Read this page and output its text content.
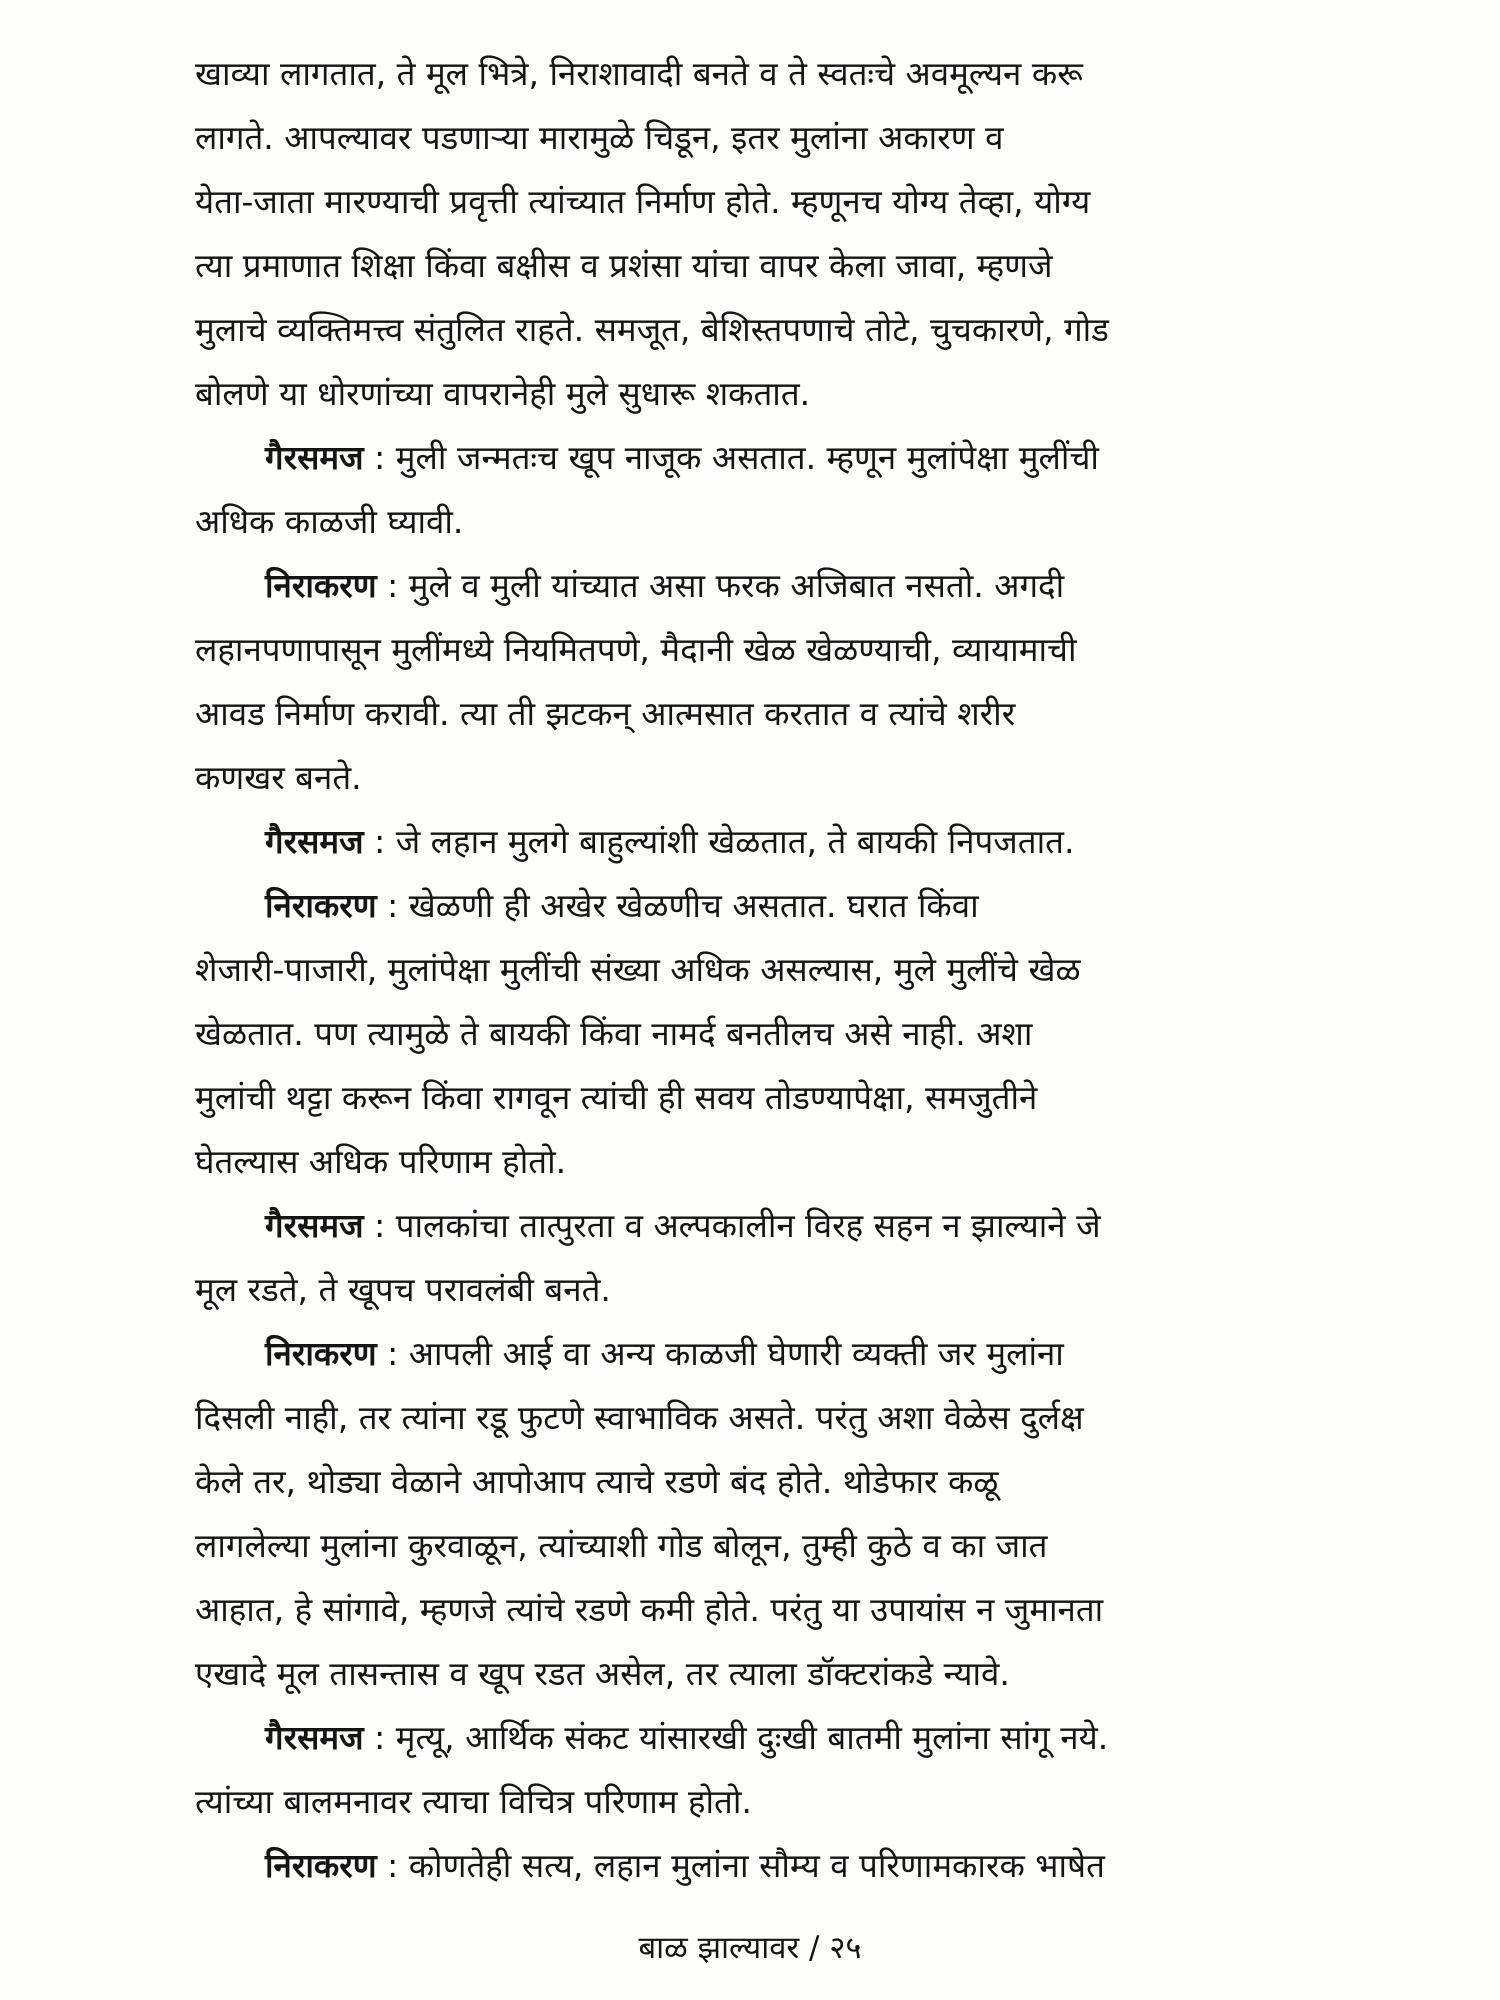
खाव्या लागतात, ते मूल भित्रे, निराशावादी बनते व ते स्वतःचे अवमूल्यन करू
लागते. आपल्यावर पडणाऱ्या मारामुळे चिडून, इतर मुलांना अकारण व
येता-जाता मारण्याची प्रवृत्ती त्यांच्यात निर्माण होते. म्हणूनच योग्य तेव्हा, योग्य
त्या प्रमाणात शिक्षा किंवा बक्षीस व प्रशंसा यांचा वापर केला जावा, म्हणजे
मुलाचे व्यक्तिमत्त्व संतुलित राहते. समजूत, बेशिस्तपणाचे तोटे, चुचकारणे, गोड
बोलणे या धोरणांच्या वापरानेही मुले सुधारू शकतात.
गैरसमज : मुली जन्मतःच खूप नाजूक असतात. म्हणून मुलांपेक्षा मुलींची
अधिक काळजी घ्यावी.
निराकरण : मुले व मुली यांच्यात असा फरक अजिबात नसतो. अगदी
लहानपणापासून मुलींमध्ये नियमितपणे, मैदानी खेळ खेळण्याची, व्यायामाची
आवड निर्माण करावी. त्या ती झटकन् आत्मसात करतात व त्यांचे शरीर
कणखर बनते.
गैरसमज : जे लहान मुलगे बाहुल्यांशी खेळतात, ते बायकी निपजतात.
निराकरण : खेळणी ही अखेर खेळणीच असतात. घरात किंवा
शेजारी-पाजारी, मुलांपेक्षा मुलींची संख्या अधिक असल्यास, मुले मुलींचे खेळ
खेळतात. पण त्यामुळे ते बायकी किंवा नामर्द बनतीलच असे नाही. अशा
मुलांची थट्टा करून किंवा रागवून त्यांची ही सवय तोडण्यापेक्षा, समजुतीने
घेतल्यास अधिक परिणाम होतो.
गैरसमज : पालकांचा तात्पुरता व अल्पकालीन विरह सहन न झाल्याने जे
मूल रडते, ते खूपच परावलंबी बनते.
निराकरण : आपली आई वा अन्य काळजी घेणारी व्यक्ती जर मुलांना
दिसली नाही, तर त्यांना रडू फुटणे स्वाभाविक असते. परंतु अशा वेळेस दुर्लक्ष
केले तर, थोड्या वेळाने आपोआप त्याचे रडणे बंद होते. थोडेफार कळू
लागलेल्या मुलांना कुरवाळून, त्यांच्याशी गोड बोलून, तुम्ही कुठे व का जात
आहात, हे सांगावे, म्हणजे त्यांचे रडणे कमी होते. परंतु या उपायांस न जुमानता
एखादे मूल तासन्तास व खूप रडत असेल, तर त्याला डॉक्टरांकडे न्यावे.
गैरसमज : मृत्यू, आर्थिक संकट यांसारखी दुःखी बातमी मुलांना सांगू नये.
त्यांच्या बालमनावर त्याचा विचित्र परिणाम होतो.
निराकरण : कोणतेही सत्य, लहान मुलांना सौम्य व परिणामकारक भाषेत
बाळ झाल्यावर / २५
